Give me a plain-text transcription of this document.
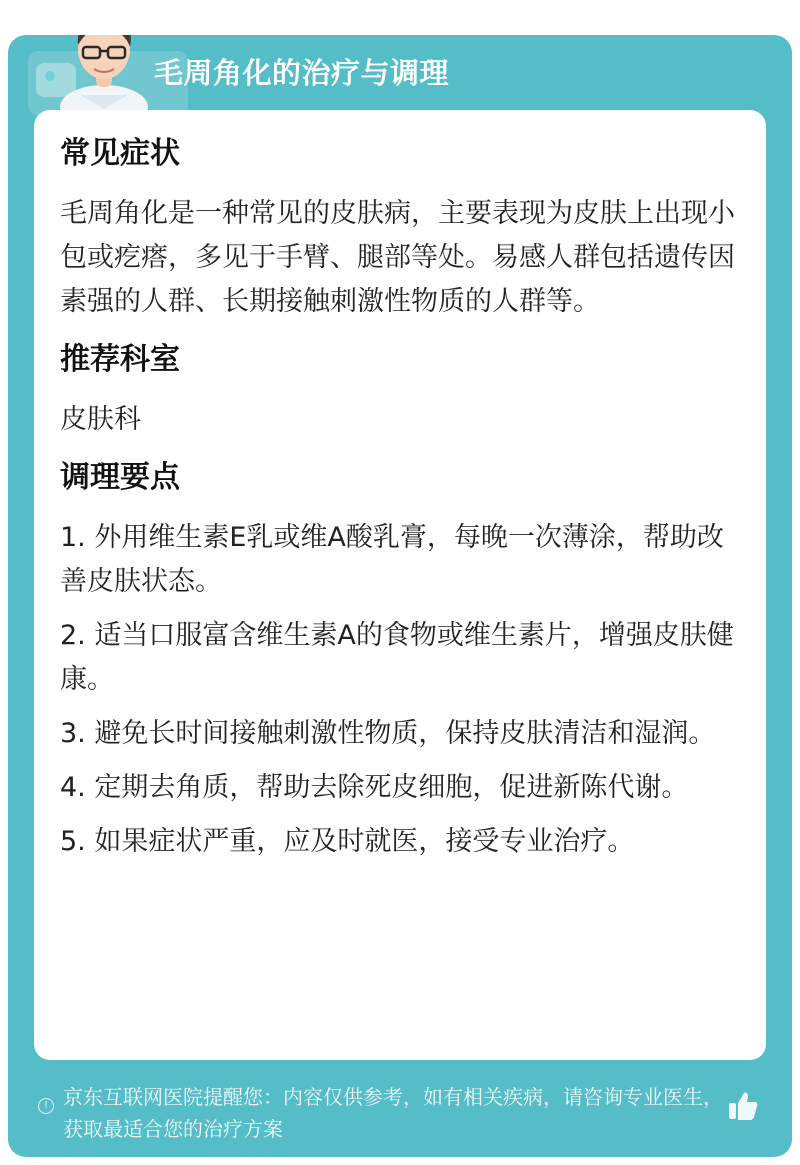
毛周角化的治疗与调理
常见症状
毛周角化是一种常见的皮肤病，主要表现为皮肤上出现小包或疙瘩，多见于手臂、腿部等处。易感人群包括遗传因素强的人群、长期接触刺激性物质的人群等。
推荐科室
皮肤科
调理要点
1. 外用维生素E乳或维A酸乳膏，每晚一次薄涂，帮助改善皮肤状态。
2. 适当口服富含维生素A的食物或维生素片，增强皮肤健康。
3. 避免长时间接触刺激性物质，保持皮肤清洁和湿润。
4. 定期去角质，帮助去除死皮细胞，促进新陈代谢。
5. 如果症状严重，应及时就医，接受专业治疗。
! 京东互联网医院提醒您：内容仅供参考，如有相关疾病，请咨询专业医生，获取最适合您的治疗方案
